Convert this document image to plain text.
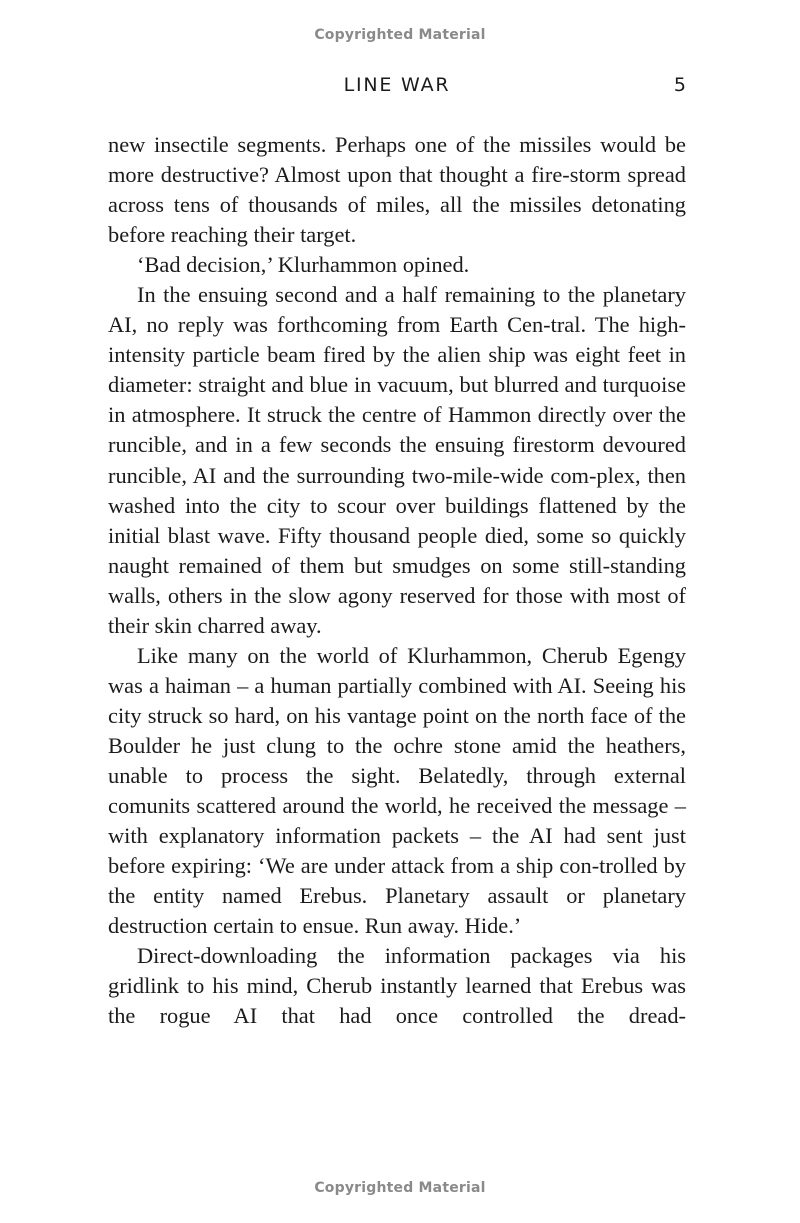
Copyrighted Material
LINE WAR	5

new insectile segments. Perhaps one of the missiles would be more destructive? Almost upon that thought a fire-storm spread across tens of thousands of miles, all the missiles detonating before reaching their target.

‘Bad decision,’ Klurhammon opined.

In the ensuing second and a half remaining to the planetary AI, no reply was forthcoming from Earth Cen-tral. The high-intensity particle beam fired by the alien ship was eight feet in diameter: straight and blue in vacuum, but blurred and turquoise in atmosphere. It struck the centre of Hammon directly over the runcible, and in a few seconds the ensuing firestorm devoured runcible, AI and the surrounding two-mile-wide com-plex, then washed into the city to scour over buildings flattened by the initial blast wave. Fifty thousand people died, some so quickly naught remained of them but smudges on some still-standing walls, others in the slow agony reserved for those with most of their skin charred away.

Like many on the world of Klurhammon, Cherub Egengy was a haiman – a human partially combined with AI. Seeing his city struck so hard, on his vantage point on the north face of the Boulder he just clung to the ochre stone amid the heathers, unable to process the sight. Belatedly, through external comunits scattered around the world, he received the message – with explanatory information packets – the AI had sent just before expiring: ‘We are under attack from a ship con-trolled by the entity named Erebus. Planetary assault or planetary destruction certain to ensue. Run away. Hide.’

Direct-downloading the information packages via his gridlink to his mind, Cherub instantly learned that Erebus was the rogue AI that had once controlled the dread-

Copyrighted Material
